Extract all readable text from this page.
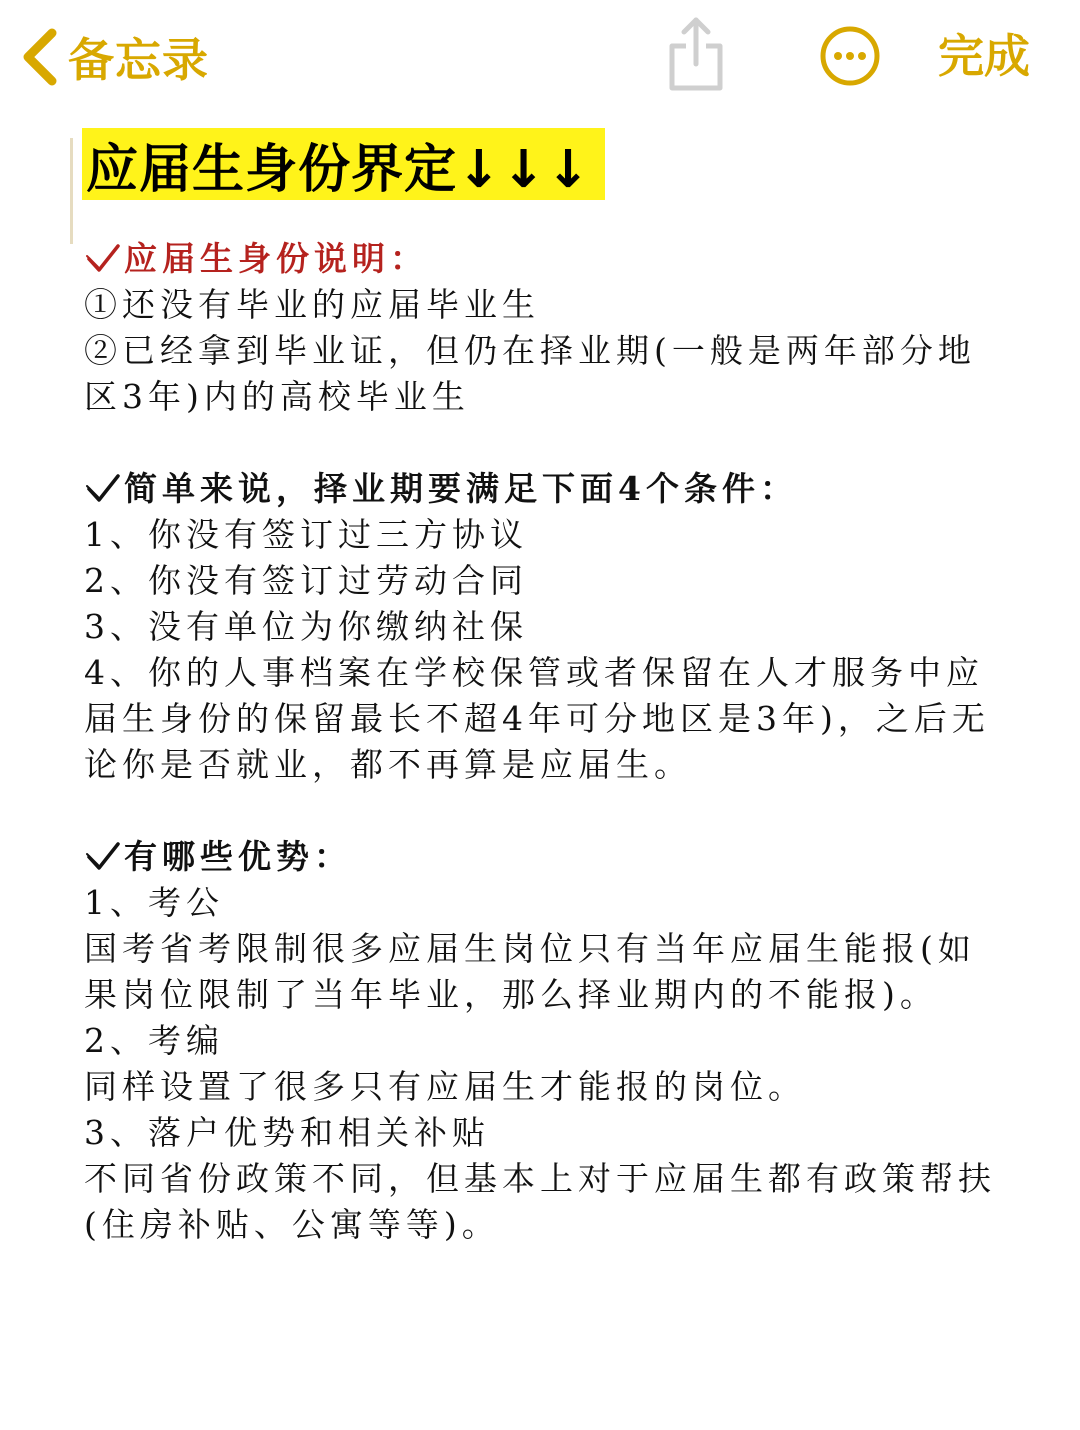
备忘录	完成
应届生身份界定↓↓↓
应届生身份说明：
①还没有毕业的应届毕业生
②已经拿到毕业证，但仍在择业期(一般是两年部分地
区3年)内的高校毕业生
简单来说，择业期要满足下面4个条件：
1、你没有签订过三方协议
2、你没有签订过劳动合同
3、没有单位为你缴纳社保
4、你的人事档案在学校保管或者保留在人才服务中应
届生身份的保留最长不超4年可分地区是3年)，之后无
论你是否就业，都不再算是应届生。
有哪些优势：
1、考公
国考省考限制很多应届生岗位只有当年应届生能报(如
果岗位限制了当年毕业，那么择业期内的不能报)。
2、考编
同样设置了很多只有应届生才能报的岗位。
3、落户优势和相关补贴
不同省份政策不同，但基本上对于应届生都有政策帮扶
(住房补贴、公寓等等)。
